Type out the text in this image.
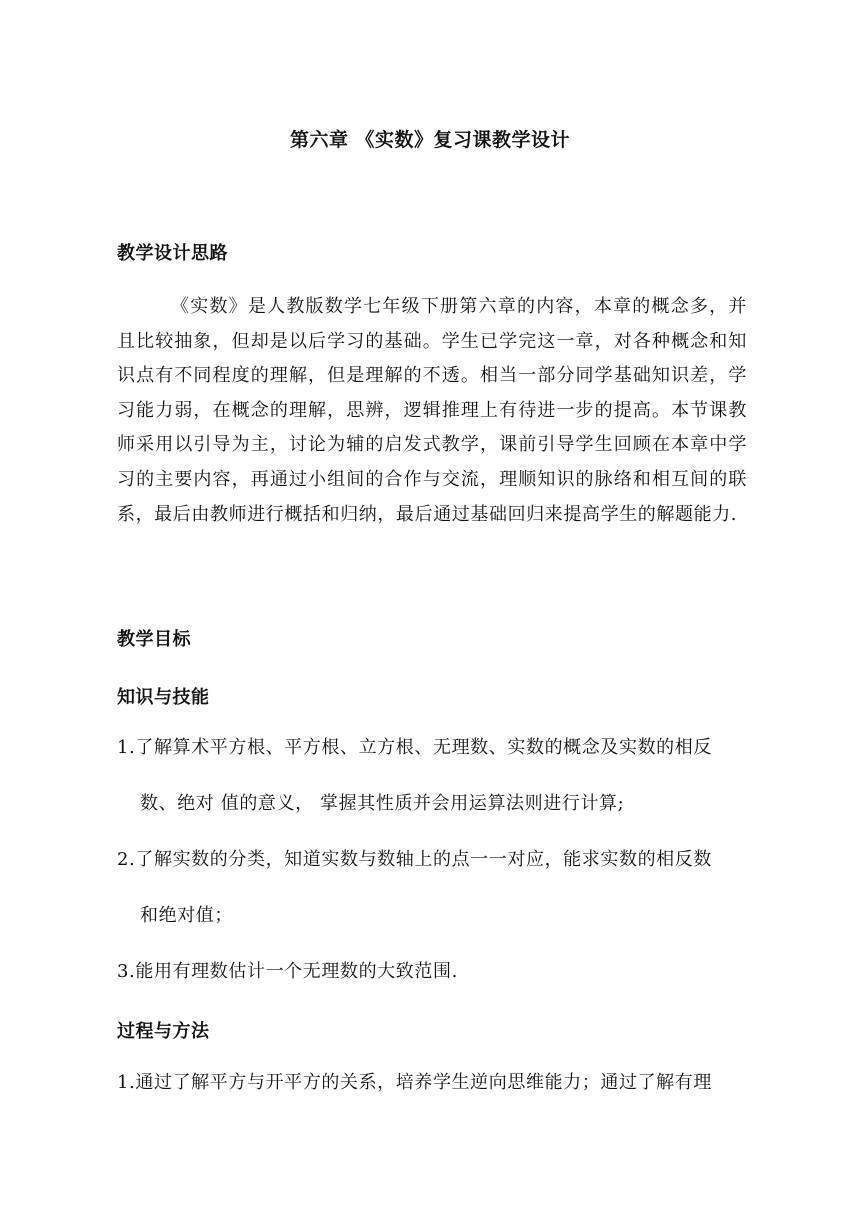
第六章 《实数》复习课教学设计
教学设计思路
《实数》是人教版数学七年级下册第六章的内容，本章的概念多，并且比较抽象，但却是以后学习的基础。学生已学完这一章，对各种概念和知识点有不同程度的理解，但是理解的不透。相当一部分同学基础知识差，学习能力弱，在概念的理解，思辨，逻辑推理上有待进一步的提高。本节课教师采用以引导为主，讨论为辅的启发式教学，课前引导学生回顾在本章中学习的主要内容，再通过小组间的合作与交流，理顺知识的脉络和相互间的联系，最后由教师进行概括和归纳，最后通过基础回归来提高学生的解题能力.
教学目标
知识与技能
1.了解算术平方根、平方根、立方根、无理数、实数的概念及实数的相反
数、绝对 值的意义， 掌握其性质并会用运算法则进行计算;
2.了解实数的分类，知道实数与数轴上的点一一对应，能求实数的相反数
和绝对值；
3.能用有理数估计一个无理数的大致范围.
过程与方法
1.通过了解平方与开平方的关系，培养学生逆向思维能力；通过了解有理
